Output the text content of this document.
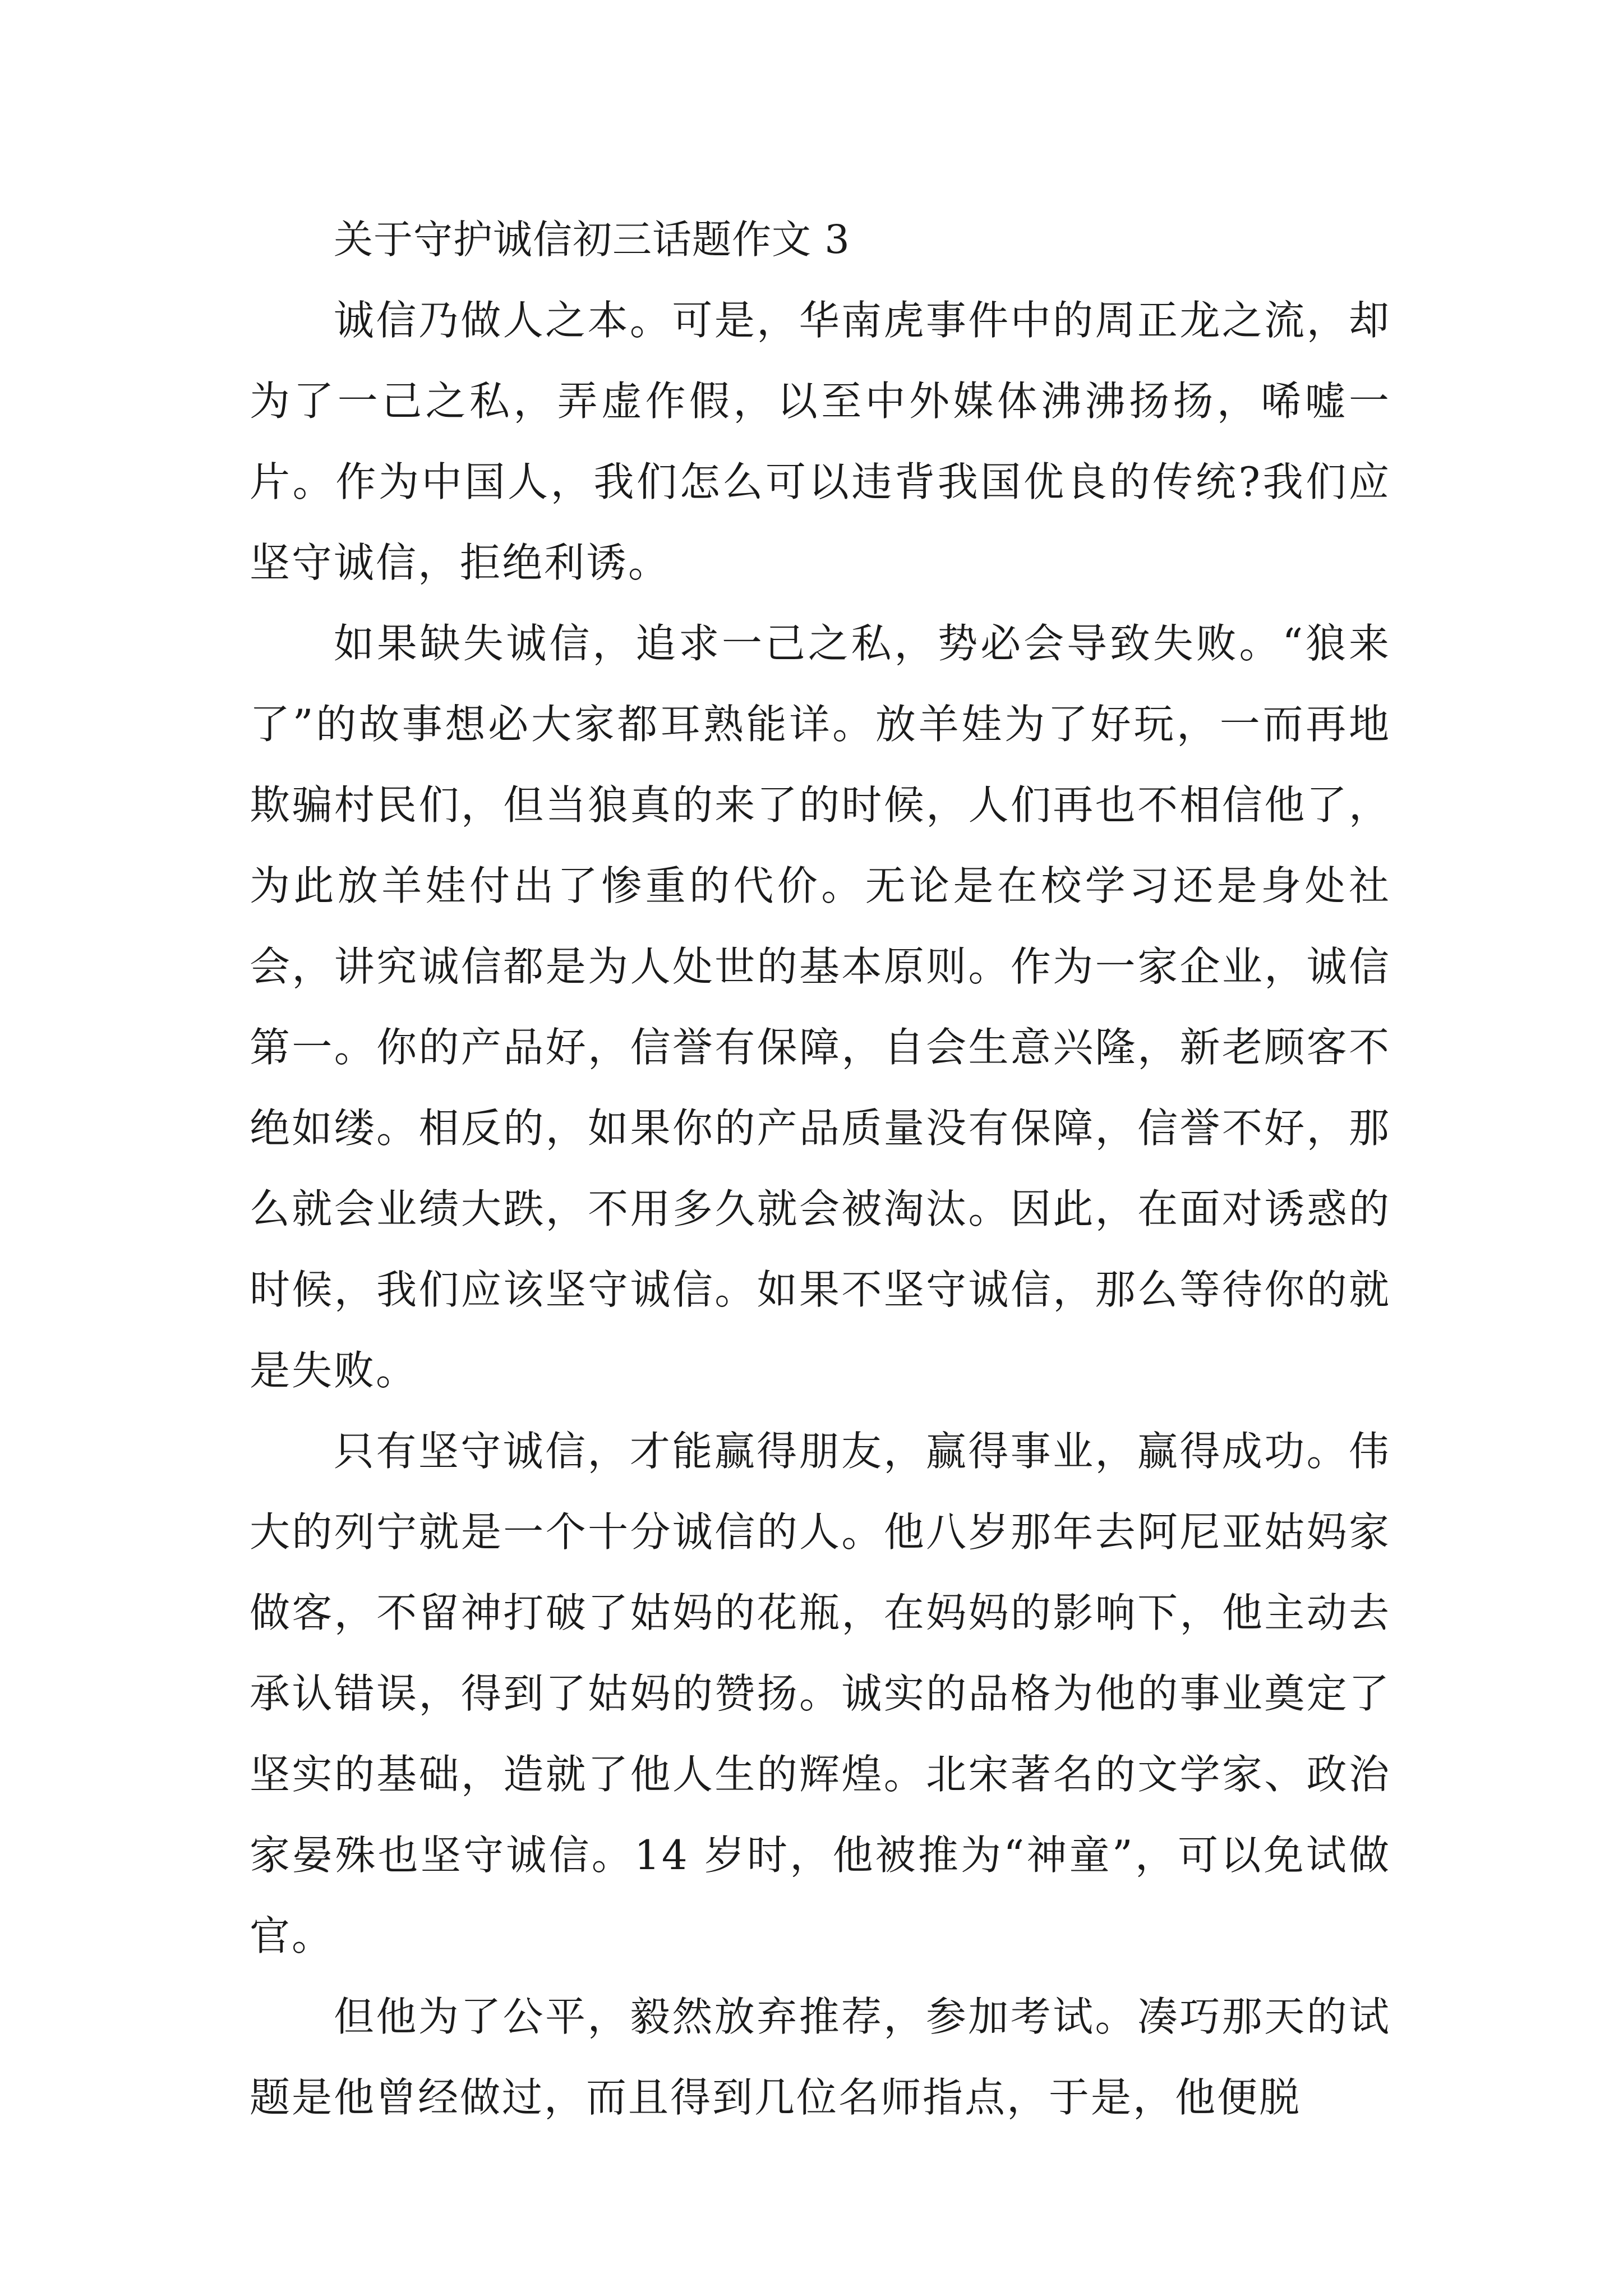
关于守护诚信初三话题作文 3

诚信乃做人之本。可是，华南虎事件中的周正龙之流，却为了一己之私，弄虚作假，以至中外媒体沸沸扬扬，唏嘘一片。作为中国人，我们怎么可以违背我国优良的传统?我们应坚守诚信，拒绝利诱。

如果缺失诚信，追求一己之私，势必会导致失败。“狼来了”的故事想必大家都耳熟能详。放羊娃为了好玩，一而再地欺骗村民们，但当狼真的来了的时候，人们再也不相信他了，为此放羊娃付出了惨重的代价。无论是在校学习还是身处社会，讲究诚信都是为人处世的基本原则。作为一家企业，诚信第一。你的产品好，信誉有保障，自会生意兴隆，新老顾客不绝如缕。相反的，如果你的产品质量没有保障，信誉不好，那么就会业绩大跌，不用多久就会被淘汰。因此，在面对诱惑的时候，我们应该坚守诚信。如果不坚守诚信，那么等待你的就是失败。

只有坚守诚信，才能赢得朋友，赢得事业，赢得成功。伟大的列宁就是一个十分诚信的人。他八岁那年去阿尼亚姑妈家做客，不留神打破了姑妈的花瓶，在妈妈的影响下，他主动去承认错误，得到了姑妈的赞扬。诚实的品格为他的事业奠定了坚实的基础，造就了他人生的辉煌。北宋著名的文学家、政治家晏殊也坚守诚信。14 岁时，他被推为“神童”，可以免试做官。

但他为了公平，毅然放弃推荐，参加考试。凑巧那天的试题是他曾经做过，而且得到几位名师指点，于是，他便脱
